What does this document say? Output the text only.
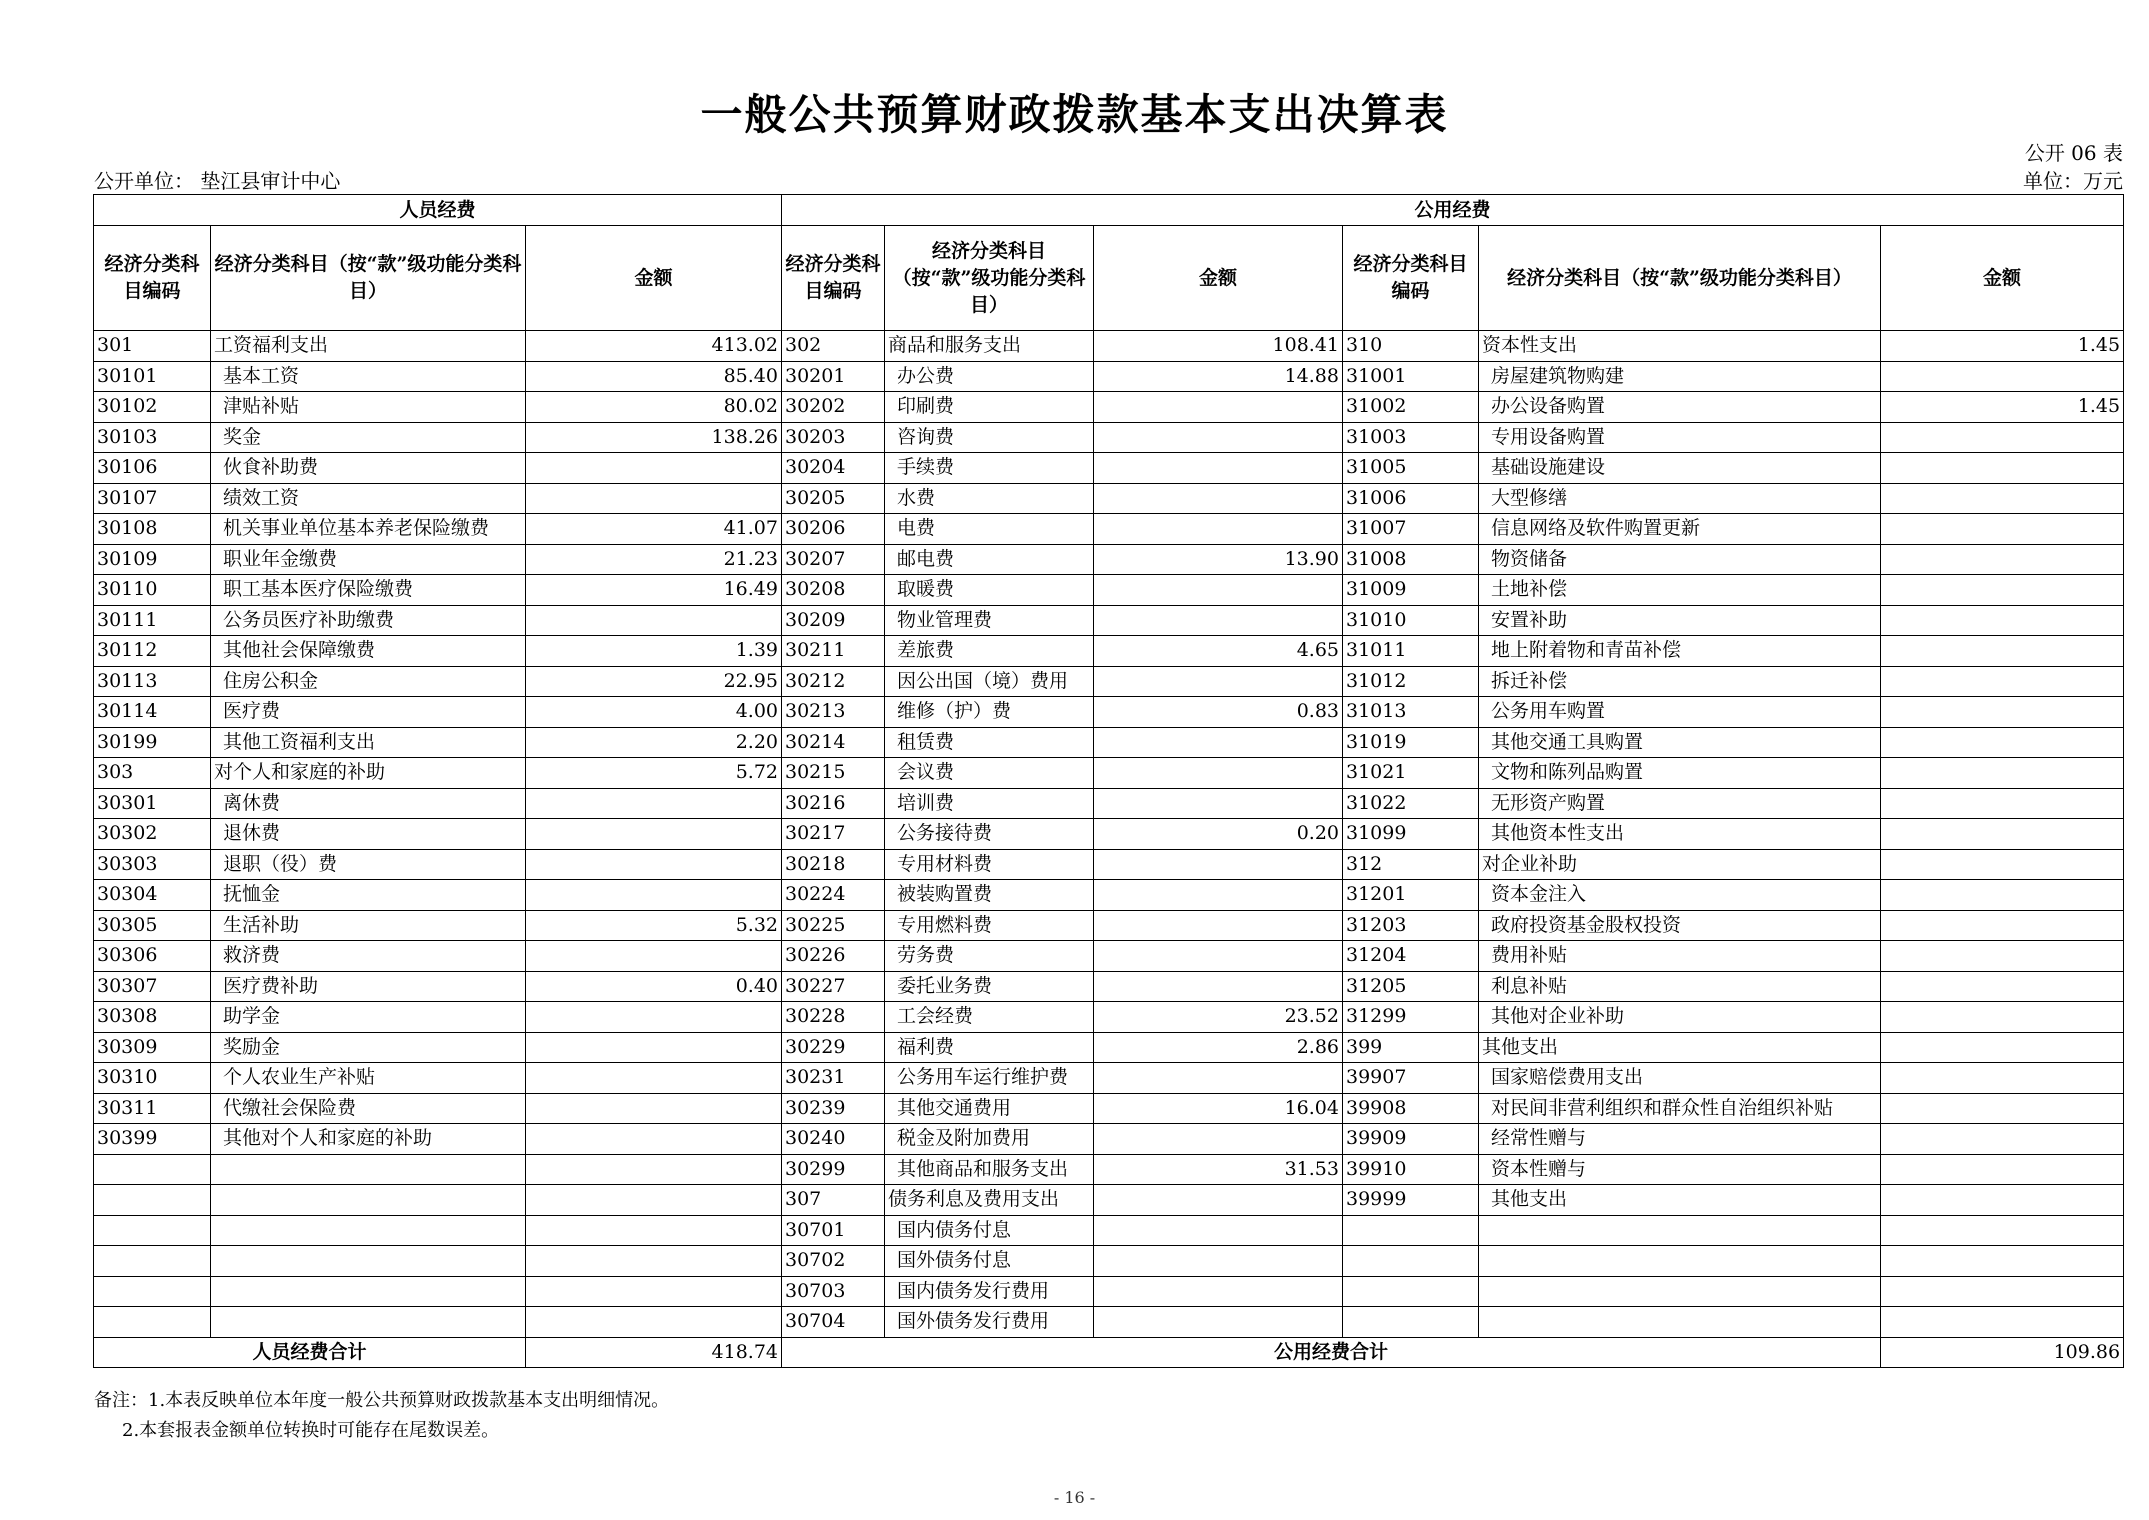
一般公共预算财政拨款基本支出决算表
公开 06 表
公开单位： 垫江县审计中心	单位：万元
人员经费			公用经费					
经济分类科目编码	经济分类科目（按“款”级功能分类科目）	金额	经济分类科目编码	经济分类科目（按“款”级功能分类科目）	金额	经济分类科目编码	经济分类科目（按“款”级功能分类科目）	金额
301	工资福利支出	413.02	302	商品和服务支出	108.41	310	资本性支出	1.45
30101	基本工资	85.40	30201	办公费	14.88	31001	房屋建筑物购建	
30102	津贴补贴	80.02	30202	印刷费		31002	办公设备购置	1.45
30103	奖金	138.26	30203	咨询费		31003	专用设备购置	
30106	伙食补助费		30204	手续费		31005	基础设施建设	
30107	绩效工资		30205	水费		31006	大型修缮	
30108	机关事业单位基本养老保险缴费	41.07	30206	电费		31007	信息网络及软件购置更新	
30109	职业年金缴费	21.23	30207	邮电费	13.90	31008	物资储备	
30110	职工基本医疗保险缴费	16.49	30208	取暖费		31009	土地补偿	
30111	公务员医疗补助缴费		30209	物业管理费		31010	安置补助	
30112	其他社会保障缴费	1.39	30211	差旅费	4.65	31011	地上附着物和青苗补偿	
30113	住房公积金	22.95	30212	因公出国（境）费用		31012	拆迁补偿	
30114	医疗费	4.00	30213	维修（护）费	0.83	31013	公务用车购置	
30199	其他工资福利支出	2.20	30214	租赁费		31019	其他交通工具购置	
303	对个人和家庭的补助	5.72	30215	会议费		31021	文物和陈列品购置	
30301	离休费		30216	培训费		31022	无形资产购置	
30302	退休费		30217	公务接待费	0.20	31099	其他资本性支出	
30303	退职（役）费		30218	专用材料费		312	对企业补助	
30304	抚恤金		30224	被装购置费		31201	资本金注入	
30305	生活补助	5.32	30225	专用燃料费		31203	政府投资基金股权投资	
30306	救济费		30226	劳务费		31204	费用补贴	
30307	医疗费补助	0.40	30227	委托业务费		31205	利息补贴	
30308	助学金		30228	工会经费	23.52	31299	其他对企业补助	
30309	奖励金		30229	福利费	2.86	399	其他支出	
30310	个人农业生产补贴		30231	公务用车运行维护费		39907	国家赔偿费用支出	
30311	代缴社会保险费		30239	其他交通费用	16.04	39908	对民间非营利组织和群众性自治组织补贴	
30399	其他对个人和家庭的补助		30240	税金及附加费用		39909	经常性赠与	
			30299	其他商品和服务支出	31.53	39910	资本性赠与	
			307	债务利息及费用支出		39999	其他支出	
			30701	国内债务付息				
			30702	国外债务付息				
			30703	国内债务发行费用				
			30704	国外债务发行费用				
人员经费合计		418.74	公用经费合计					109.86
备注：1.本表反映单位本年度一般公共预算财政拨款基本支出明细情况。
2.本套报表金额单位转换时可能存在尾数误差。
- 16 -
